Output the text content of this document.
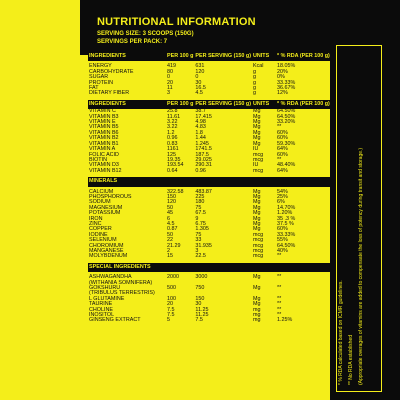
NUTRITIONAL INFORMATION
SERVING SIZE: 3 SCOOPS (150G)
SERVINGS PER PACK: 7
INGREDIENTS	PER 100 g	PER SERVING (150 g)	UNITS	* % RDA (PER 100 g)

ENERGY	419	631	Kcal	18.05%
CARBOHYDRATE	80	120	g	20%
SUGAR	0	0	g	0%
PROTEIN	20	30	g	33.33%
FAT	11	16.5	g	36.67%
DIETARY FIBER	3	4.5	g	12%

INGREDIENTS	PER 100 g	PER SERVING (150 g)	UNITS	* % RDA (PER 100 g)
VITAMIN C	25.8	38.7	Mg	64.50%
VITAMIN B3	11.61	17.415	Mg	64.50%
VITAMIN E	3.22	4.98	Mg	33.20%
VITAMIN B5	3.22	4.83	Mg	**
VITAMIN B6	1.2	1.8	Mg	60%
VITAMIN B2	0.96	1.44	Mg	60%
VITAMIN B1	0.83	1.245	Mg	59.30%
VITAMIN A	1161	1741.5	IU	64%
FOLIC ACID	125	187.5	mcg	60%
BIOTIN	19.35	29.025	mcg	**
VITAMIN D3	193.54	290.31	IU	48.40%
VITAMIN B12	0.64	0.96	mcg	64%

MINERALS				

CALCIUM	322.58	483.87	Mg	54%
PHOSPHOROUS	150	225	Mg	25%
SODIUM	120	180	Mg	6%
MAGNESIUM	50	75	Mg	14.70%
POTASSIUM	45	67.5	Mg	1.20%
IRON	6	9	Mg	35 .3 %
ZINC	4.5	6.75	Mg	37.5 %
COPPER	0.87	1.305	Mg	60%
IODINE	50	75	mcg	33.33%
SELENIUM	22	33	mcg	55%
CHOROMIUM	21.29	31.935	mcg	64.50%
MANGANESE	2	3	mcg	40%
MOLYBDENUM	15	22.5	mcg	**

SPECIAL INGREDIENTS				

ASHWAGANDHA	2000	3000	Mg	**
(WITHANIA SOMNIFERA)				
GOKSHURU	500	750	Mg	**
(TRIBULUS TERRESTRIS)				
L GLUTAMINE	100	150	Mg	**
TAURINE	20	30	Mg	**
CHOLINE	7.5	11.25	mg	**
INOSITOL	7.5	11.25	mg	**
GINSENG EXTRACT	5	7.5	mg	1.25%	* % RDA calculated based on ICMR guidelines. ** No RDA established (Appropriate overages of vitamins are added to compensate the loss of potency during transit and storage.)
